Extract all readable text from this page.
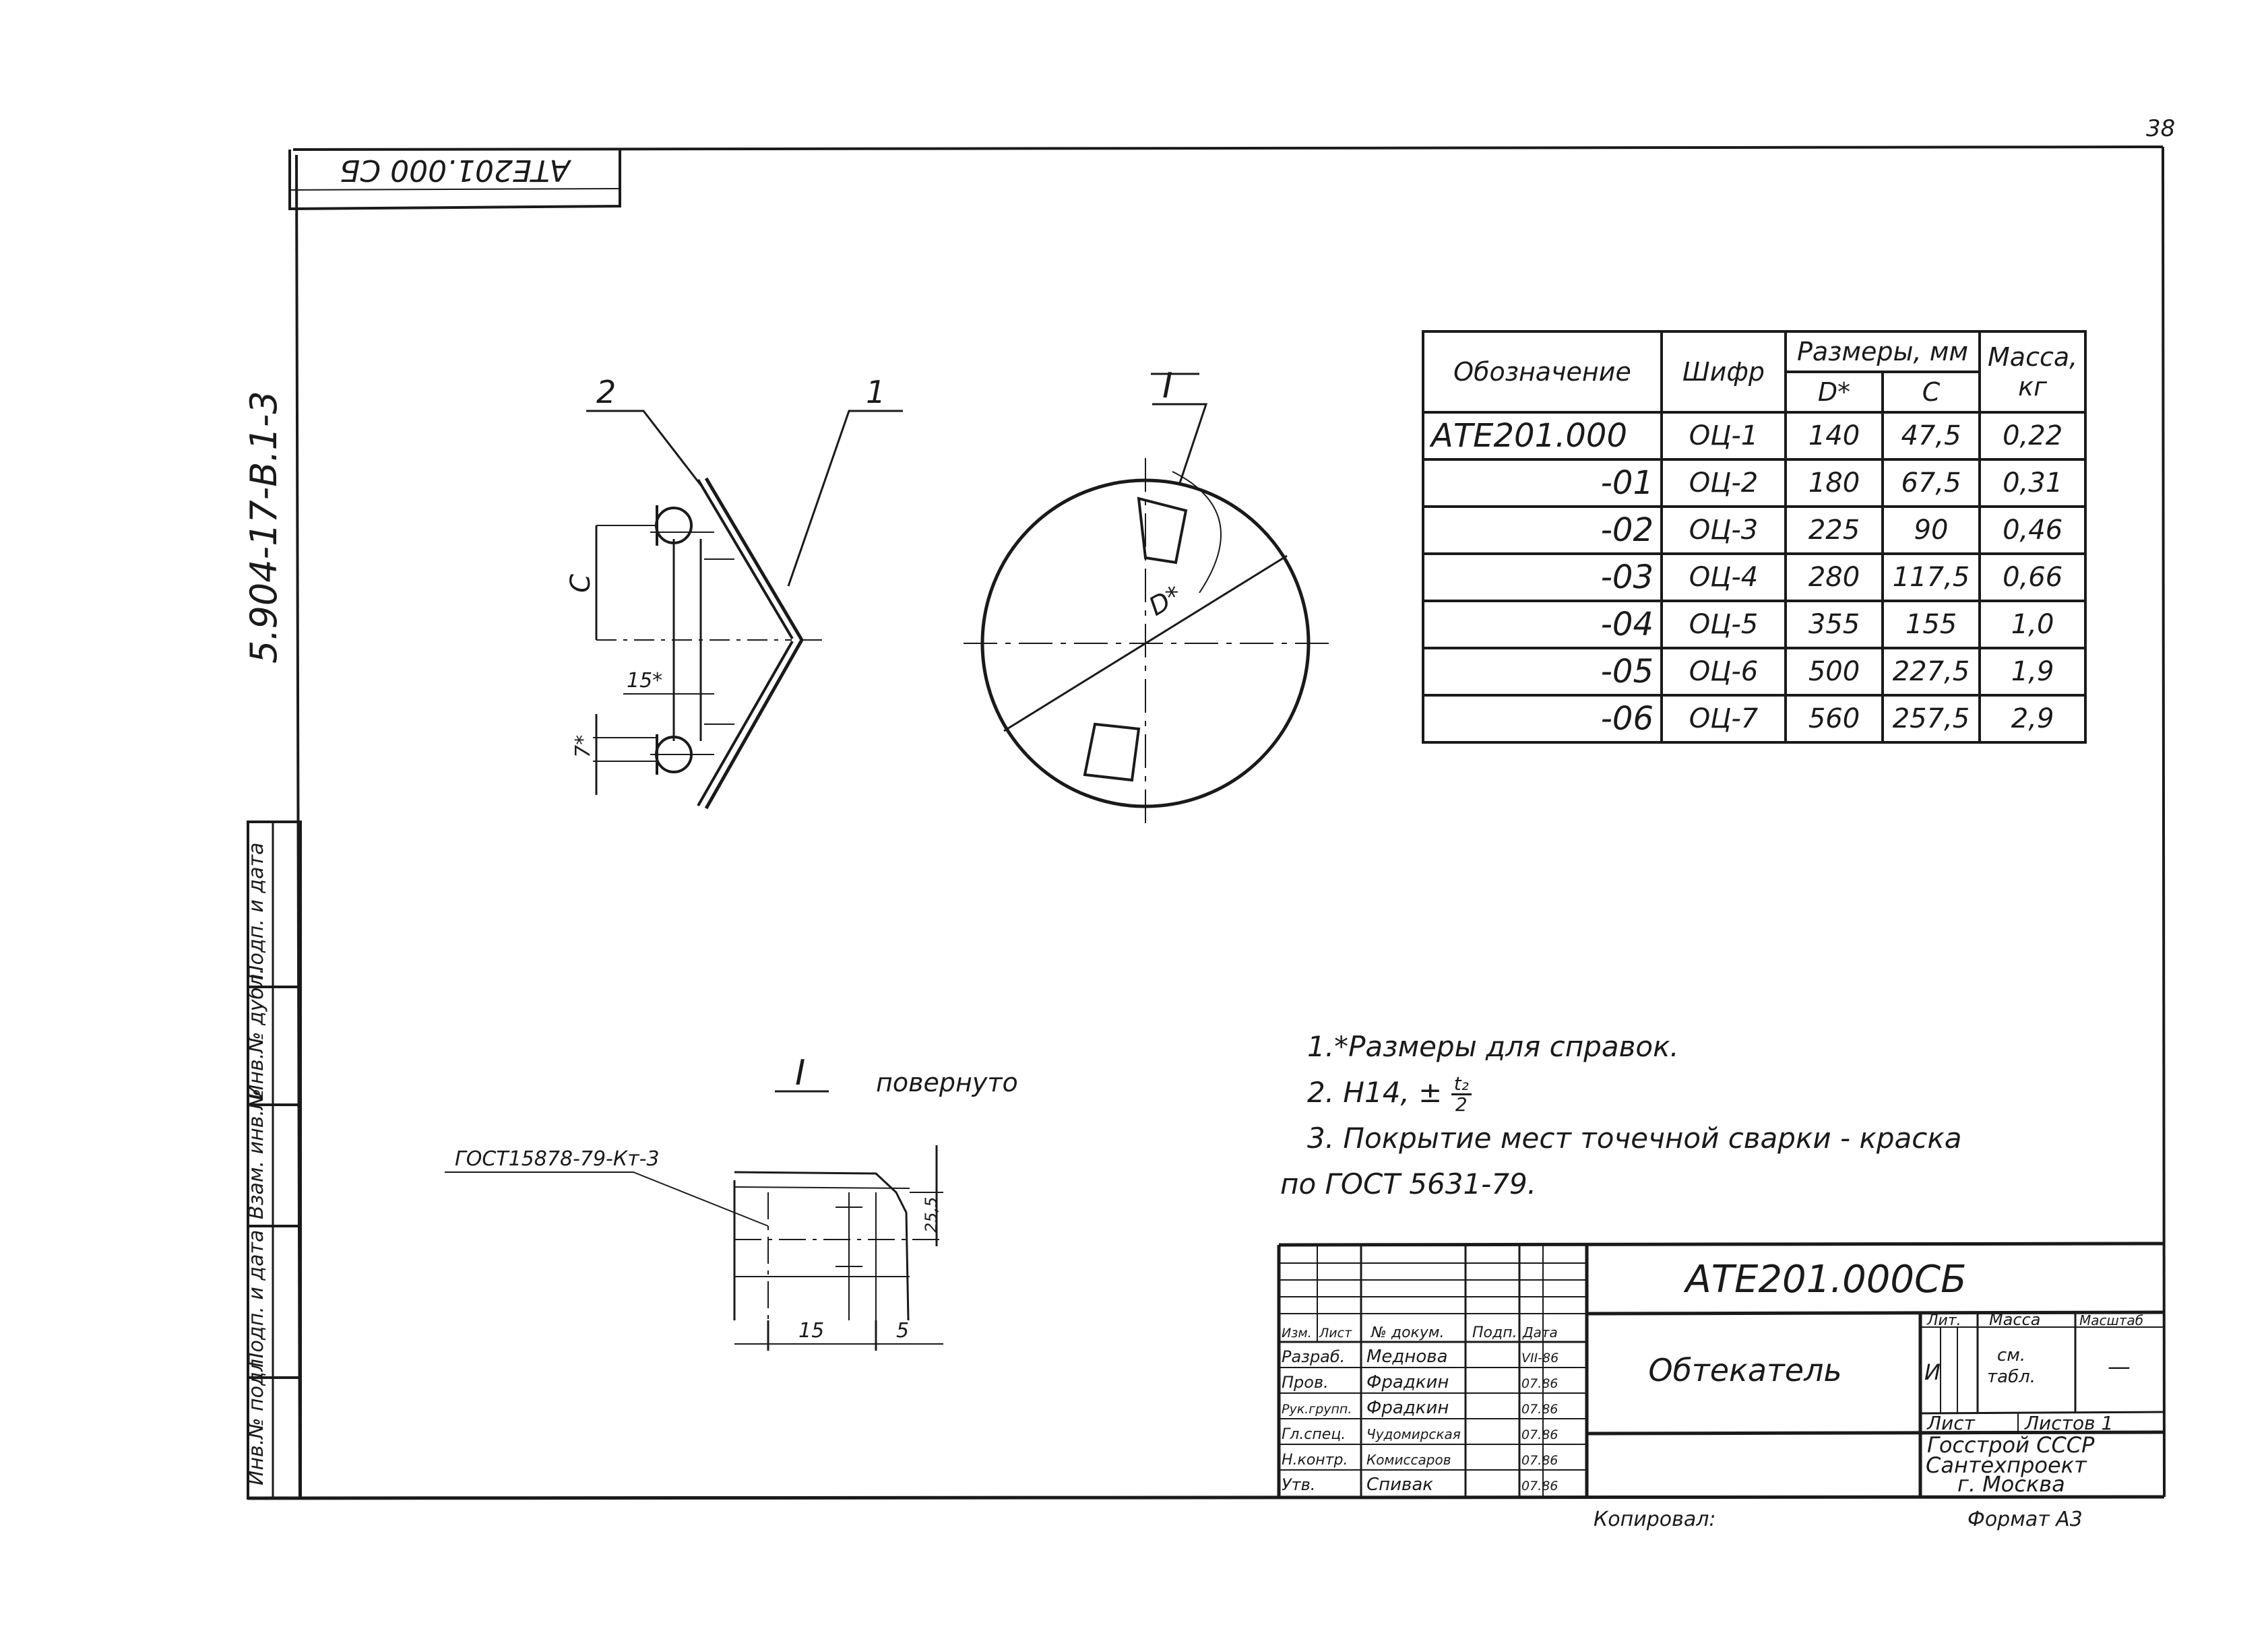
38
АТЕ201.000 СБ
5.904-17-В.1-3
Инв.№ подл.
Подп. и дата
Взам. инв.№
Инв.№ дубл.
Подп. и дата
1
2
C
7*
15*
I
D*
I	повернуто
ГОСТ15878-79-Кт-3
25,5
15	5
АТЕ201.000СБ
Обтекатель
Изм. Лист № докум. Подп. Дата
Разраб. Меднова	VII-86
Пров. Фрадкин	07.86
Рук.групп. Фрадкин	07.86
Гл.спец. Чудомирская	07.86
Н.контр. Комиссаров	07.86
Утв.	Спивак	07.86
Лит. Масса	Масштаб
И
см.
табл.	—
Лист	Листов 1
Госстрой СССР
Сантехпроект
г. Москва
Копировал:	Формат А3
Обозначение	Шифр	Размеры, мм		Масса, кг
		D*	C	
АТЕ201.000	ОЦ-1	140	47,5	0,22
-01	ОЦ-2	180	67,5	0,31
-02	ОЦ-3	225	90	0,46
-03	ОЦ-4	280	117,5	0,66
-04	ОЦ-5	355	155	1,0
-05	ОЦ-6	500	227,5	1,9
-06	ОЦ-7	560	257,5	2,9
1.*Размеры для справок.
2. Н14, ± $\frac{\text{t₂}}{2}$
3. Покрытие мест точечной сварки - краска
по ГОСТ 5631-79.
